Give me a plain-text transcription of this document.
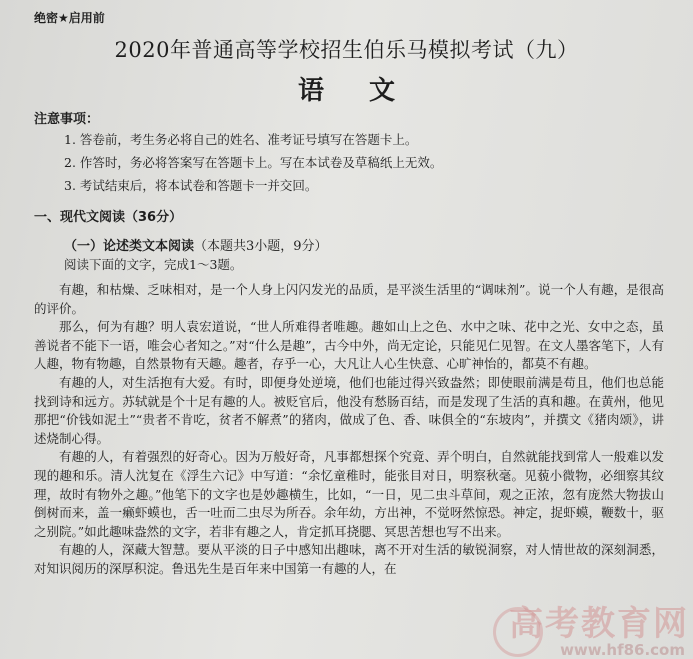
绝密★启用前
2020年普通高等学校招生伯乐马模拟考试（九）
语 文
注意事项：
1. 答卷前，考生务必将自己的姓名、准考证号填写在答题卡上。
2. 作答时，务必将答案写在答题卡上。写在本试卷及草稿纸上无效。
3. 考试结束后，将本试卷和答题卡一并交回。
一、现代文阅读（36分）
（一）论述类文本阅读（本题共3小题，9分）
阅读下面的文字，完成1～3题。

有趣，和枯燥、乏味相对，是一个人身上闪闪发光的品质，是平淡生活里的“调味剂”。说一个人有趣，是很高的评价。

那么，何为有趣？明人袁宏道说，“世人所难得者唯趣。趣如山上之色、水中之味、花中之光、女中之态，虽善说者不能下一语，唯会心者知之。”对“什么是趣”，古今中外，尚无定论，只能见仁见智。在文人墨客笔下，人有人趣，物有物趣，自然景物有天趣。趣者，存乎一心，大凡让人心生快意、心旷神怡的，都莫不有趣。

有趣的人，对生活抱有大爱。有时，即便身处逆境，他们也能过得兴致盎然；即使眼前满是苟且，他们也总能找到诗和远方。苏轼就是个十足有趣的人。被贬官后，他没有愁肠百结，而是发现了生活的真和趣。在黄州，他见那把“价钱如泥土”“贵者不肯吃，贫者不解煮”的猪肉，做成了色、香、味俱全的“东坡肉”，并撰文《猪肉颂》，讲述烧制心得。

有趣的人，有着强烈的好奇心。因为万般好奇，凡事都想探个究竟、弄个明白，自然就能找到常人一般难以发现的趣和乐。清人沈复在《浮生六记》中写道：“余忆童稚时，能张目对日，明察秋毫。见藐小微物，必细察其纹理，故时有物外之趣。”他笔下的文字也是妙趣横生，比如，“一日，见二虫斗草间，观之正浓，忽有庞然大物拔山倒树而来，盖一癞虾蟆也，舌一吐而二虫尽为所吞。余年幼，方出神，不觉呀然惊恐。神定，捉虾蟆，鞭数十，驱之别院。”如此趣味盎然的文字，若非有趣之人，肯定抓耳挠腮、冥思苦想也写不出来。

有趣的人，深藏大智慧。要从平淡的日子中感知出趣味，离不开对生活的敏锐洞察，对人情世故的深刻洞悉，对知识阅历的深厚积淀。鲁迅先生是百年来中国第一有趣的人，在

高考教育网
www.hf86.com
